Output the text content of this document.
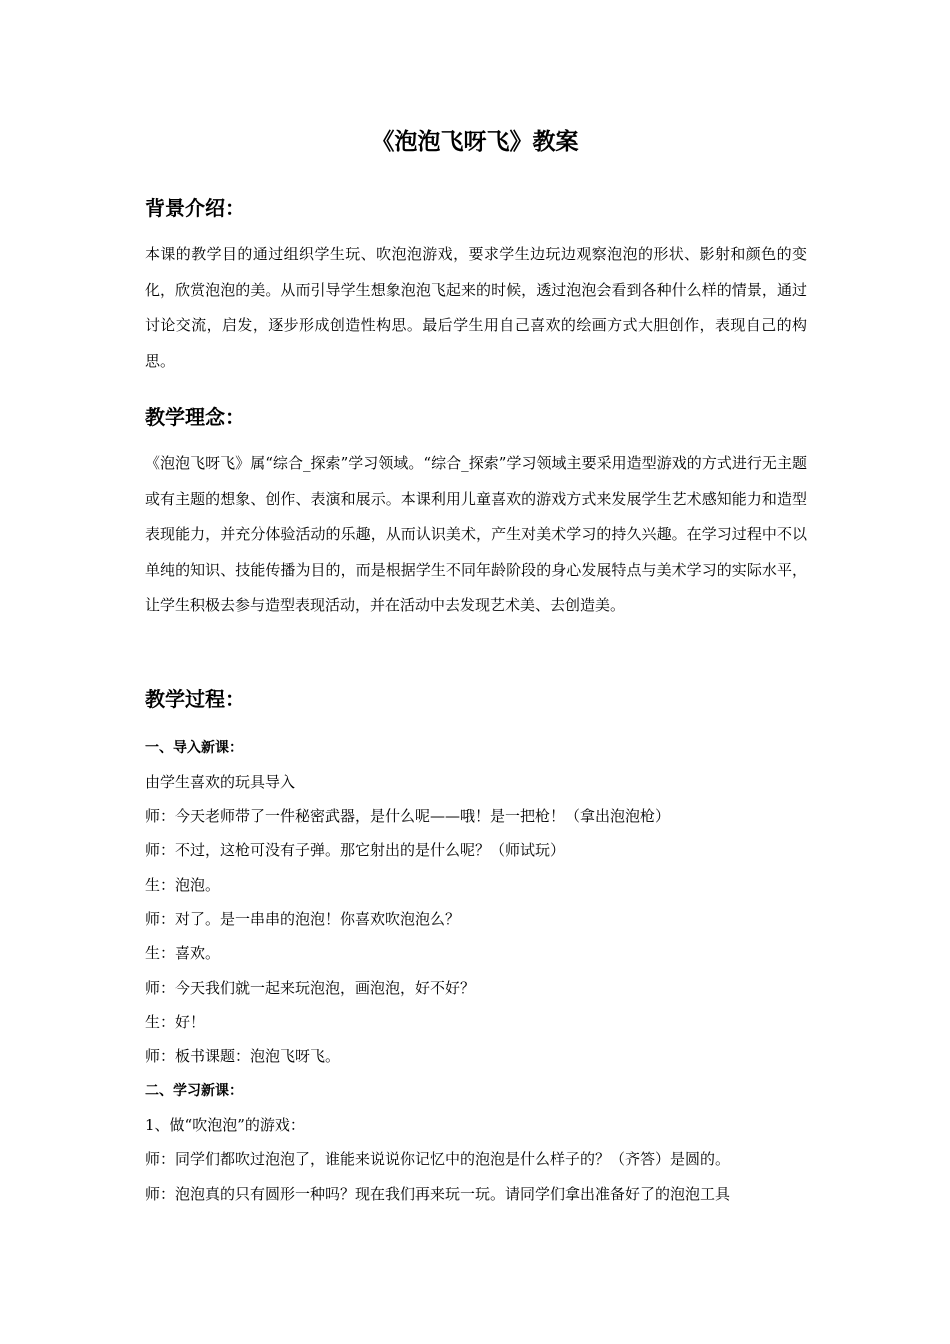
《泡泡飞呀飞》教案
背景介绍：

本课的教学目的通过组织学生玩、吹泡泡游戏，要求学生边玩边观察泡泡的形状、影射和颜色的变化，欣赏泡泡的美。从而引导学生想象泡泡飞起来的时候，透过泡泡会看到各种什么样的情景，通过讨论交流，启发，逐步形成创造性构思。最后学生用自己喜欢的绘画方式大胆创作，表现自己的构思。

教学理念：

《泡泡飞呀飞》属“综合_探索”学习领域。“综合_探索”学习领域主要采用造型游戏的方式进行无主题或有主题的想象、创作、表演和展示。本课利用儿童喜欢的游戏方式来发展学生艺术感知能力和造型表现能力，并充分体验活动的乐趣，从而认识美术，产生对美术学习的持久兴趣。在学习过程中不以单纯的知识、技能传播为目的，而是根据学生不同年龄阶段的身心发展特点与美术学习的实际水平，让学生积极去参与造型表现活动，并在活动中去发现艺术美、去创造美。

教学过程：
一、导入新课：
由学生喜欢的玩具导入
师：今天老师带了一件秘密武器，是什么呢——哦！是一把枪！（拿出泡泡枪）
师：不过，这枪可没有子弹。那它射出的是什么呢？（师试玩）
生：泡泡。
师：对了。是一串串的泡泡！你喜欢吹泡泡么？
生：喜欢。
师：今天我们就一起来玩泡泡，画泡泡，好不好？
生：好！
师：板书课题：泡泡飞呀飞。
二、学习新课：
1、做“吹泡泡”的游戏：
师：同学们都吹过泡泡了，谁能来说说你记忆中的泡泡是什么样子的？（齐答）是圆的。
师：泡泡真的只有圆形一种吗？现在我们再来玩一玩。请同学们拿出准备好了的泡泡工具
